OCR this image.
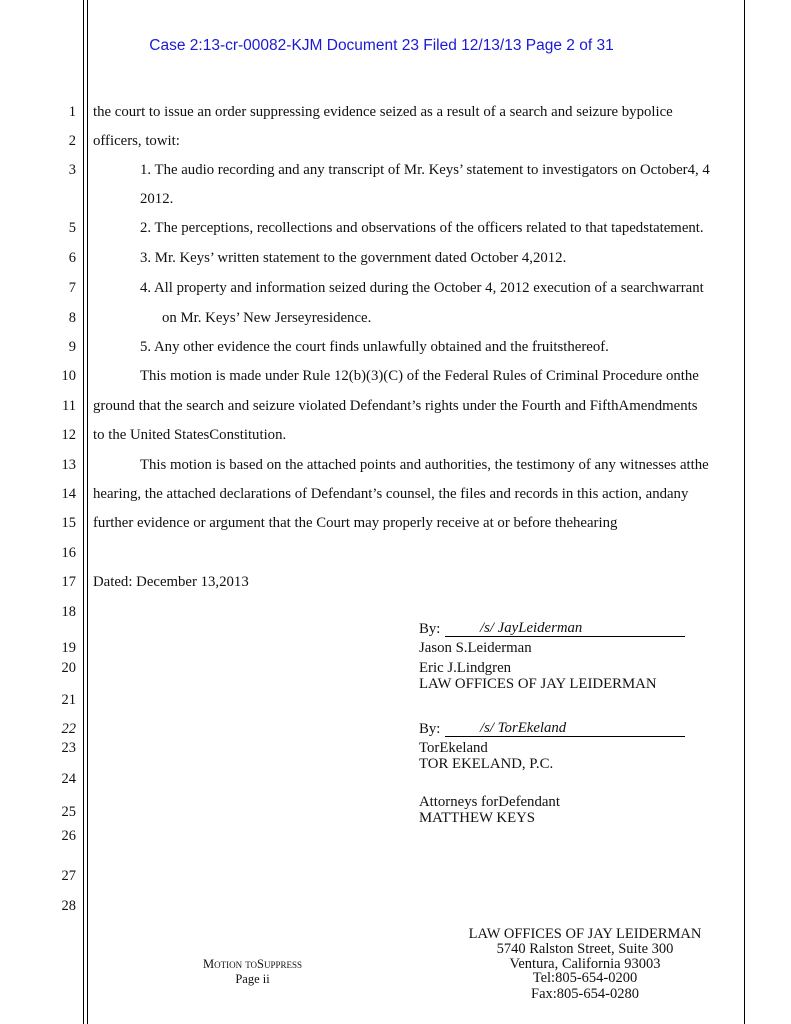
Case 2:13-cr-00082-KJM Document 23 Filed 12/13/13 Page 2 of 31
1
2
3
5
6
7
8
9
10
11
12
13
14
15
16
17
18
19
20
21
22
23
24
25
26
27
28
the court to issue an order suppressing evidence seized as a result of a search and seizure bypolice
officers, towit:
1. The audio recording and any transcript of Mr. Keys’ statement to investigators on October4, 4
2012.
2. The perceptions, recollections and observations of the officers related to that tapedstatement.
3. Mr. Keys’ written statement to the government dated October 4,2012.
4. All property and information seized during the October 4, 2012 execution of a searchwarrant
on Mr. Keys’ New Jerseyresidence.
5. Any other evidence the court finds unlawfully obtained and the fruitsthereof.
This motion is made under Rule 12(b)(3)(C) of the Federal Rules of Criminal Procedure onthe
ground that the search and seizure violated Defendant’s rights under the Fourth and FifthAmendments
to the United StatesConstitution.
This motion is based on the attached points and authorities, the testimony of any witnesses atthe
hearing, the attached declarations of Defendant’s counsel, the files and records in this action, andany
further evidence or argument that the Court may properly receive at or before thehearing
Dated: December 13,2013
By:	/s/ JayLeiderman
Jason S.Leiderman
Eric J.Lindgren
LAW OFFICES OF JAY LEIDERMAN
By:	/s/ TorEkeland
TorEkeland
TOR EKELAND, P.C.
Attorneys forDefendant
MATTHEW KEYS
Motion toSuppress
Page ii
LAW OFFICES OF JAY LEIDERMAN
5740 Ralston Street, Suite 300
Ventura, California 93003
Tel:805-654-0200
Fax:805-654-0280
